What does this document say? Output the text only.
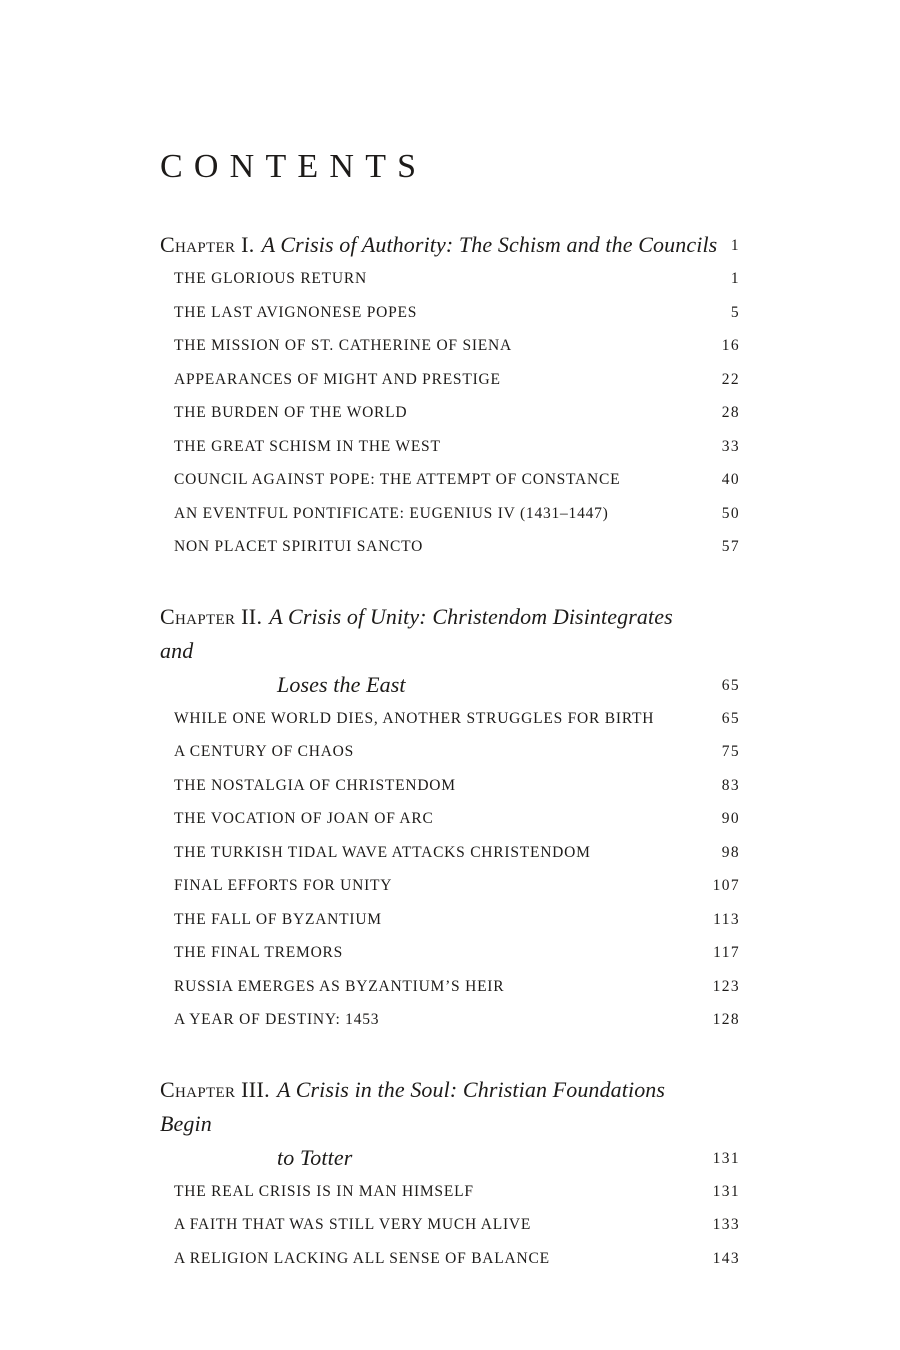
CONTENTS
Chapter I. A Crisis of Authority: The Schism and the Councils 1
THE GLORIOUS RETURN	1
THE LAST AVIGNONESE POPES	5
THE MISSION OF ST. CATHERINE OF SIENA	16
APPEARANCES OF MIGHT AND PRESTIGE	22
THE BURDEN OF THE WORLD	28
THE GREAT SCHISM IN THE WEST	33
COUNCIL AGAINST POPE: THE ATTEMPT OF CONSTANCE	40
AN EVENTFUL PONTIFICATE: EUGENIUS IV (1431–1447)	50
NON PLACET SPIRITUI SANCTO	57
Chapter II. A Crisis of Unity: Christendom Disintegrates and
Loses the East	65
WHILE ONE WORLD DIES, ANOTHER STRUGGLES FOR BIRTH	65
A CENTURY OF CHAOS	75
THE NOSTALGIA OF CHRISTENDOM	83
THE VOCATION OF JOAN OF ARC	90
THE TURKISH TIDAL WAVE ATTACKS CHRISTENDOM	98
FINAL EFFORTS FOR UNITY	107
THE FALL OF BYZANTIUM	113
THE FINAL TREMORS	117
RUSSIA EMERGES AS BYZANTIUM’S HEIR	123
A YEAR OF DESTINY: 1453	128
Chapter III. A Crisis in the Soul: Christian Foundations Begin
to Totter	131
THE REAL CRISIS IS IN MAN HIMSELF	131
A FAITH THAT WAS STILL VERY MUCH ALIVE	133
A RELIGION LACKING ALL SENSE OF BALANCE	143
